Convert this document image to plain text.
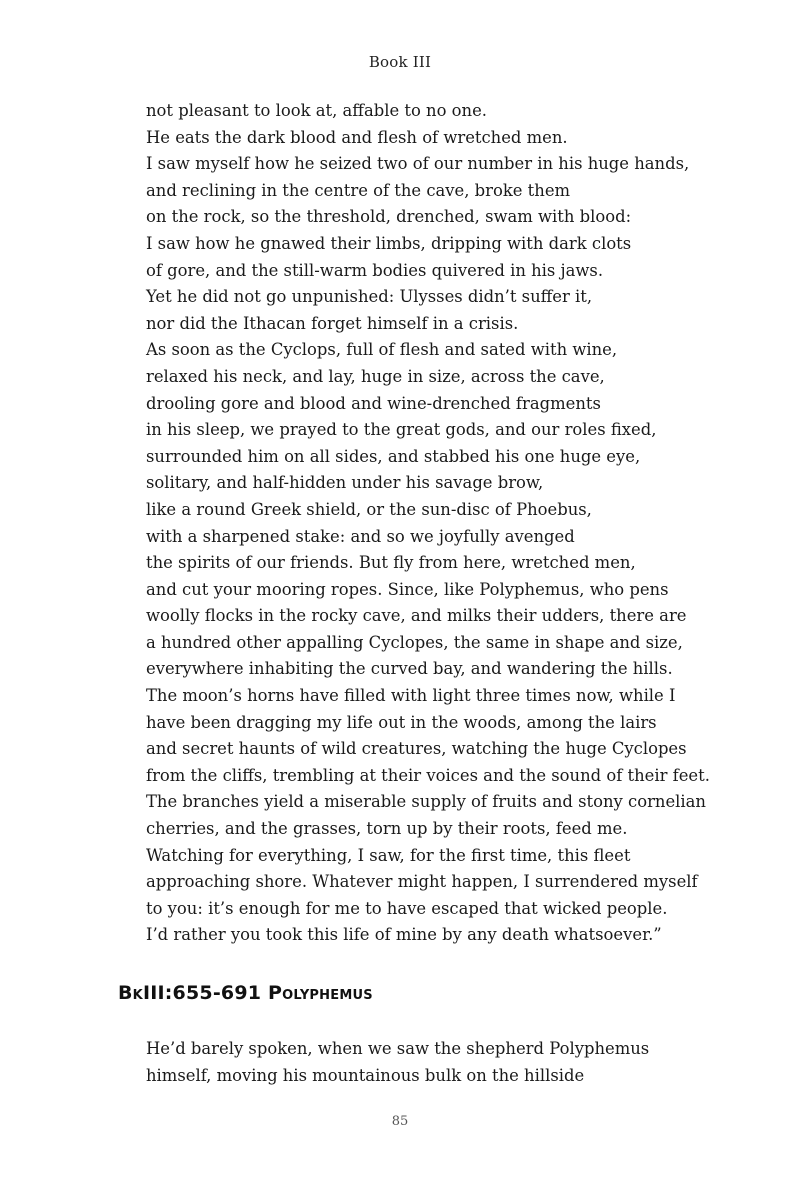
Book III
not pleasant to look at, affable to no one.
He eats the dark blood and flesh of wretched men.
I saw myself how he seized two of our number in his huge hands,
and reclining in the centre of the cave, broke them
on the rock, so the threshold, drenched, swam with blood:
I saw how he gnawed their limbs, dripping with dark clots
of gore, and the still-warm bodies quivered in his jaws.
Yet he did not go unpunished: Ulysses didn’t suffer it,
nor did the Ithacan forget himself in a crisis.
As soon as the Cyclops, full of flesh and sated with wine,
relaxed his neck, and lay, huge in size, across the cave,
drooling gore and blood and wine-drenched fragments
in his sleep, we prayed to the great gods, and our roles fixed,
surrounded him on all sides, and stabbed his one huge eye,
solitary, and half-hidden under his savage brow,
like a round Greek shield, or the sun-disc of Phoebus,
with a sharpened stake: and so we joyfully avenged
the spirits of our friends. But fly from here, wretched men,
and cut your mooring ropes. Since, like Polyphemus, who pens
woolly flocks in the rocky cave, and milks their udders, there are
a hundred other appalling Cyclopes, the same in shape and size,
everywhere inhabiting the curved bay, and wandering the hills.
The moon’s horns have filled with light three times now, while I
have been dragging my life out in the woods, among the lairs
and secret haunts of wild creatures, watching the huge Cyclopes
from the cliffs, trembling at their voices and the sound of their feet.
The branches yield a miserable supply of fruits and stony cornelian
cherries, and the grasses, torn up by their roots, feed me.
Watching for everything, I saw, for the first time, this fleet
approaching shore. Whatever might happen, I surrendered myself
to you: it’s enough for me to have escaped that wicked people.
I’d rather you took this life of mine by any death whatsoever.”
BkIII:655-691 Polyphemus
He’d barely spoken, when we saw the shepherd Polyphemus
himself, moving his mountainous bulk on the hillside
85
